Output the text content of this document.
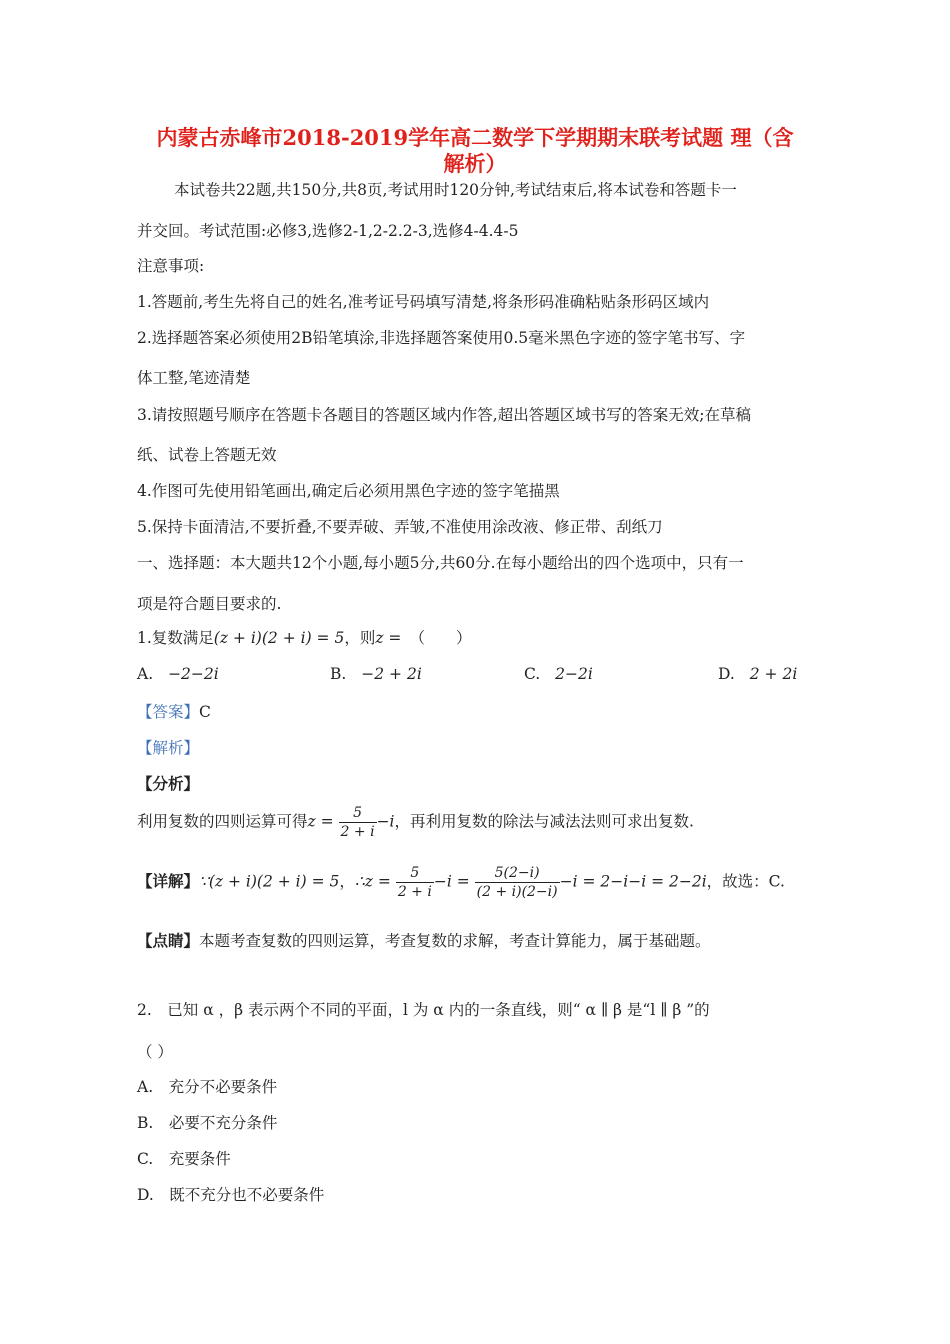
内蒙古赤峰市2018-2019学年高二数学下学期期末联考试题 理（含
解析）
本试卷共22题,共150分,共8页,考试用时120分钟,考试结束后,将本试卷和答题卡一
并交回。考试范围:必修3,选修2-1,2-2.2-3,选修4-4.4-5
注意事项:
1.答题前,考生先将自己的姓名,准考证号码填写清楚,将条形码准确粘贴条形码区域内
2.选择题答案必须使用2B铅笔填涂,非选择题答案使用0.5毫米黑色字迹的签字笔书写、字
体工整,笔迹清楚
3.请按照题号顺序在答题卡各题目的答题区域内作答,超出答题区域书写的答案无效;在草稿
纸、试卷上答题无效
4.作图可先使用铅笔画出,确定后必须用黑色字迹的签字笔描黑
5.保持卡面清洁,不要折叠,不要弄破、弄皱,不准使用涂改液、修正带、刮纸刀
一、选择题：本大题共12个小题,每小题5分,共60分.在每小题给出的四个选项中，只有一
项是符合题目要求的.
1.复数满足(z + i)(2 + i) = 5，则z = （　　）
A. −2−2i	B. −2 + 2i	C. 2−2i	D. 2 + 2i
【答案】C
【解析】
【分析】
利用复数的四则运算可得$z = \frac{5}{2 + i} -i$，再利用复数的除法与减法法则可求出复数.
【详解】∵(z + i)(2 + i) = 5，∴z = $\frac{5}{2 + i} -i = \frac{5(2-i)}{(2 + i)(2-i)} -i = 2-i-i = 2-2i$，故选：C.
【点睛】本题考查复数的四则运算，考查复数的求解，考查计算能力，属于基础题。
2.　已知 α ，β 表示两个不同的平面，l 为 α 内的一条直线，则“ α ∥ β 是“l ∥ β ”的
（ ）
A.　充分不必要条件
B.　必要不充分条件
C.　充要条件
D.　既不充分也不必要条件
